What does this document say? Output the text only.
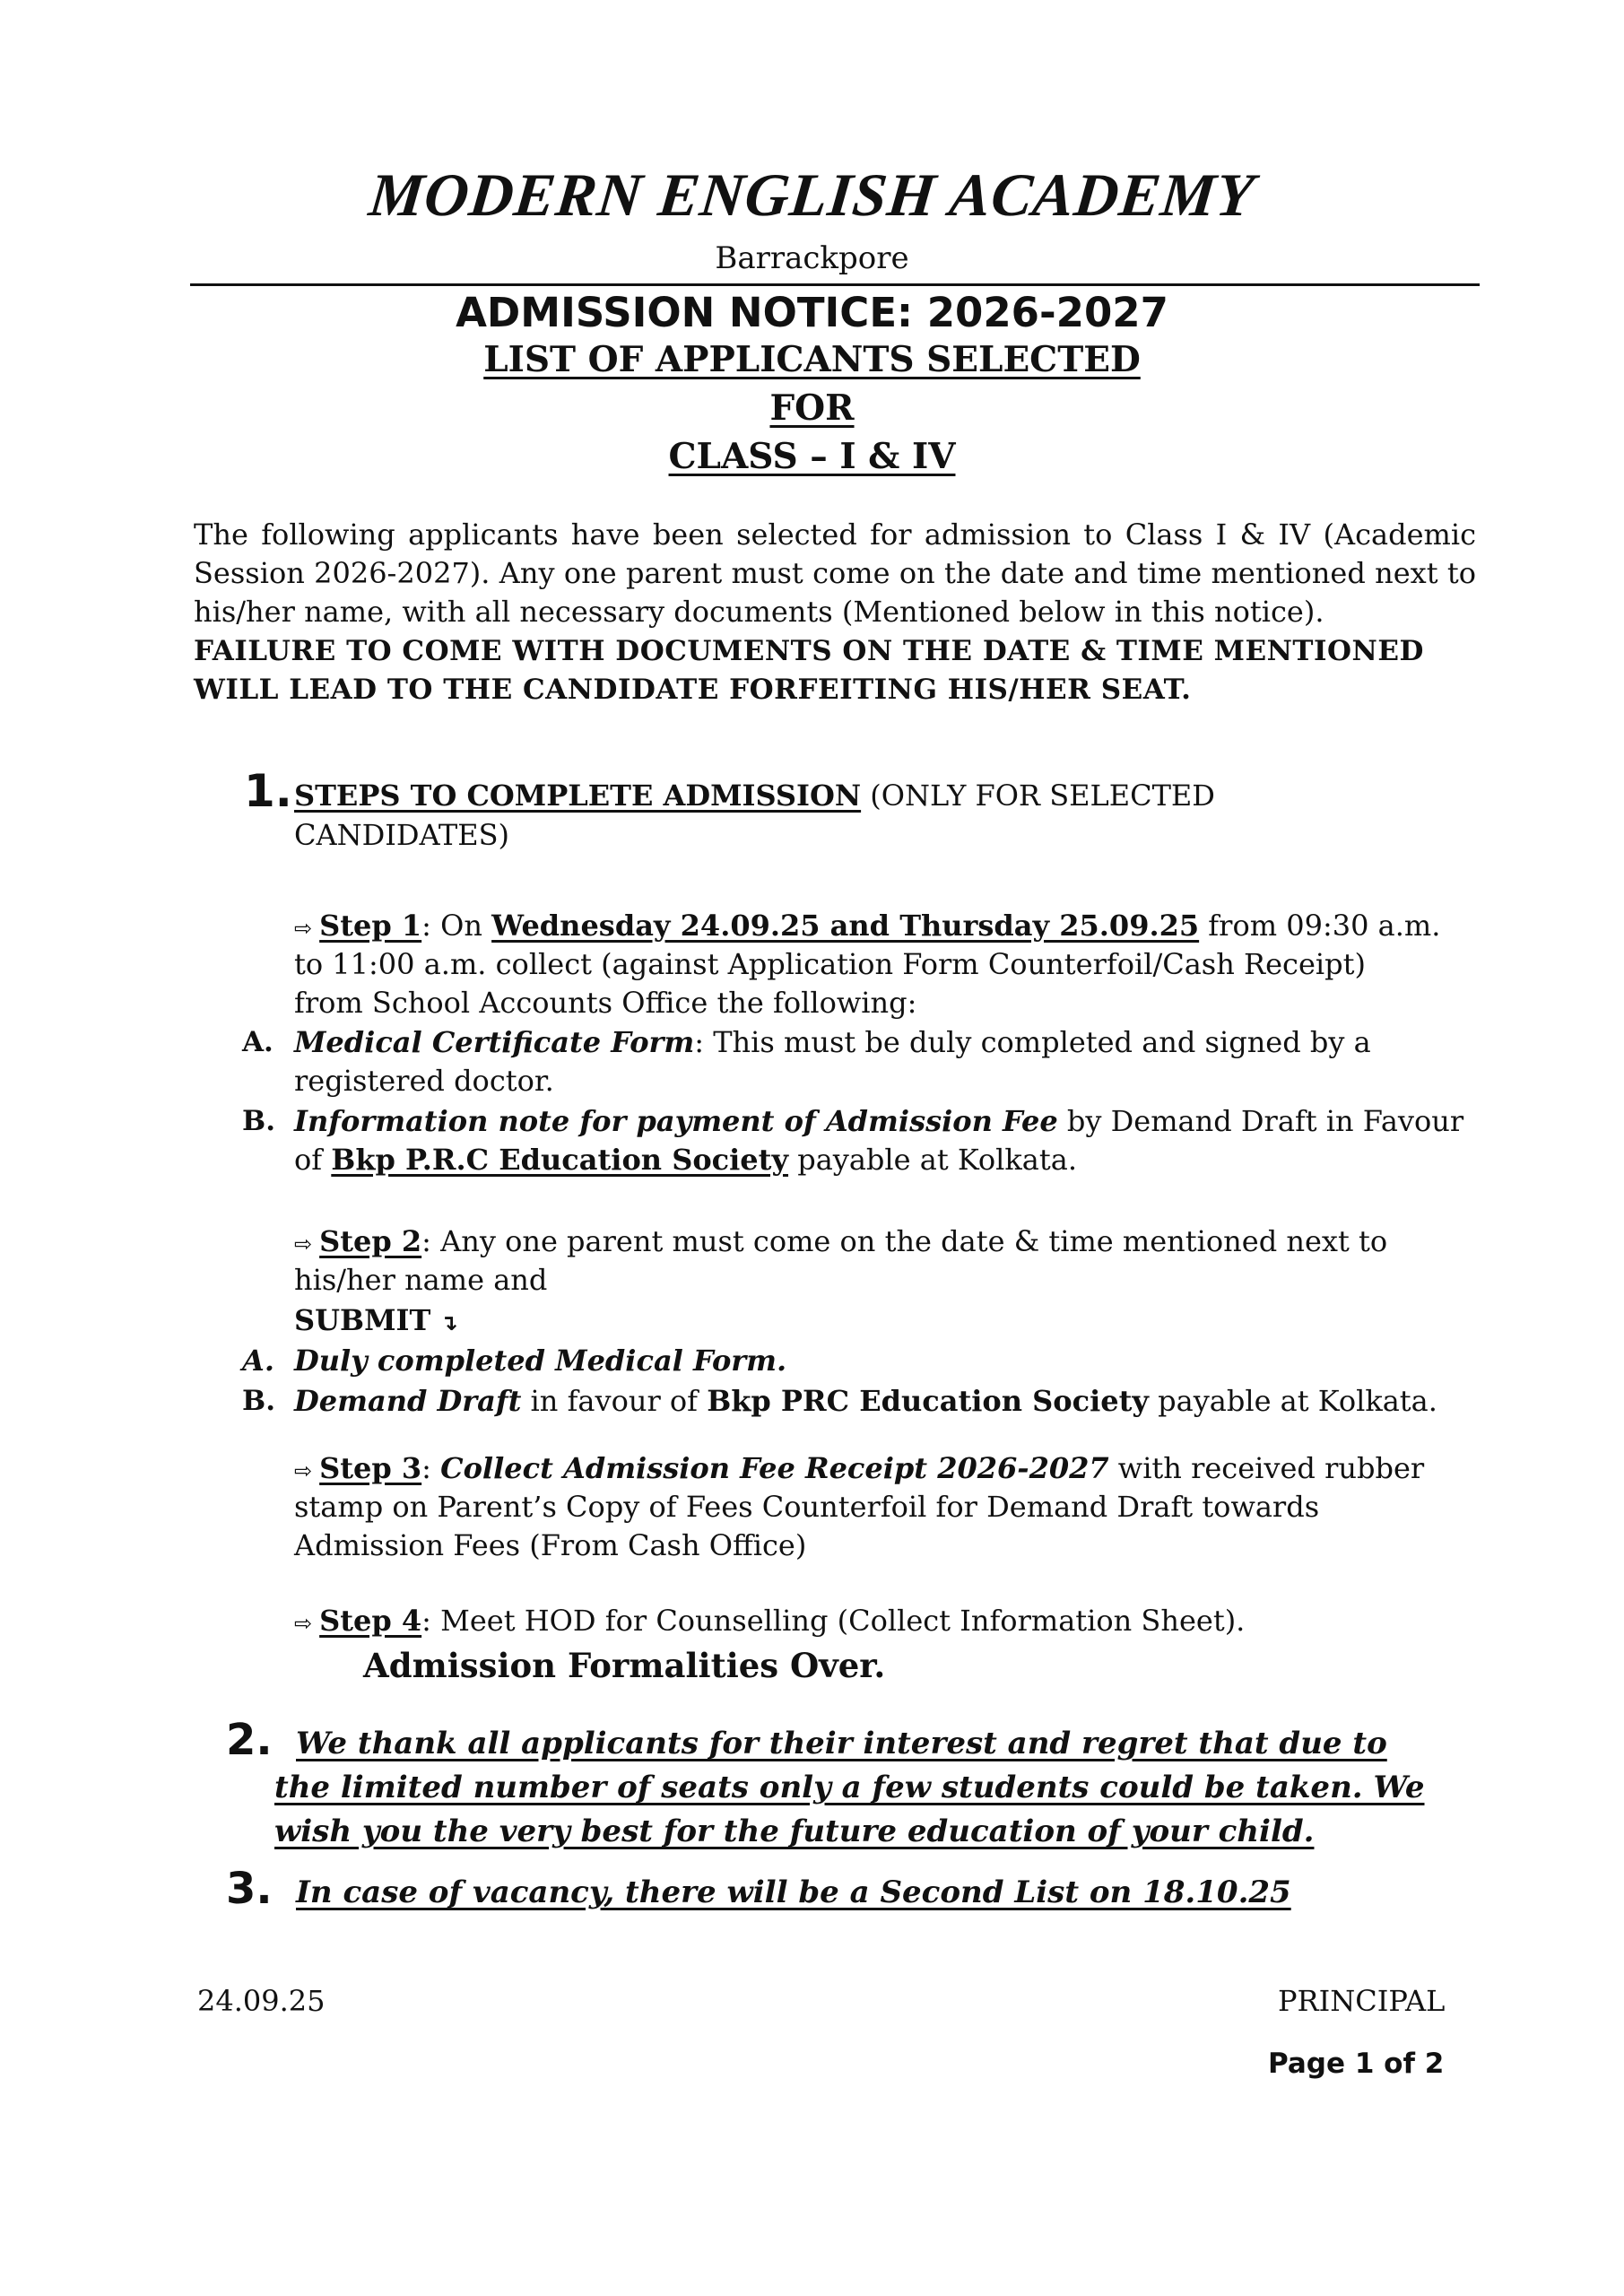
MODERN ENGLISH ACADEMY
Barrackpore
ADMISSION NOTICE: 2026-2027
LIST OF APPLICANTS SELECTED
FOR
CLASS – I & IV
The following applicants have been selected for admission to Class I & IV (Academic Session 2026-2027). Any one parent must come on the date and time mentioned next to his/her name, with all necessary documents (Mentioned below in this notice).
FAILURE TO COME WITH DOCUMENTS ON THE DATE & TIME MENTIONED WILL LEAD TO THE CANDIDATE FORFEITING HIS/HER SEAT.
1. STEPS TO COMPLETE ADMISSION (ONLY FOR SELECTED
CANDIDATES)
⇨ Step 1: On Wednesday 24.09.25 and Thursday 25.09.25 from 09:30 a.m.
to 11:00 a.m. collect (against Application Form Counterfoil/Cash Receipt)
from School Accounts Office the following:
A. Medical Certificate Form: This must be duly completed and signed by a
registered doctor.
B. Information note for payment of Admission Fee by Demand Draft in Favour
of Bkp P.R.C Education Society payable at Kolkata.
⇨ Step 2: Any one parent must come on the date & time mentioned next to
his/her name and
SUBMIT ↴
A. Duly completed Medical Form.
B. Demand Draft in favour of Bkp PRC Education Society payable at Kolkata.
⇨ Step 3: Collect Admission Fee Receipt 2026-2027 with received rubber
stamp on Parent’s Copy of Fees Counterfoil for Demand Draft towards
Admission Fees (From Cash Office)
⇨ Step 4: Meet HOD for Counselling (Collect Information Sheet).
Admission Formalities Over.
2. We thank all applicants for their interest and regret that due to
the limited number of seats only a few students could be taken. We
wish you the very best for the future education of your child.
3. In case of vacancy, there will be a Second List on 18.10.25
24.09.25	PRINCIPAL
Page 1 of 2
